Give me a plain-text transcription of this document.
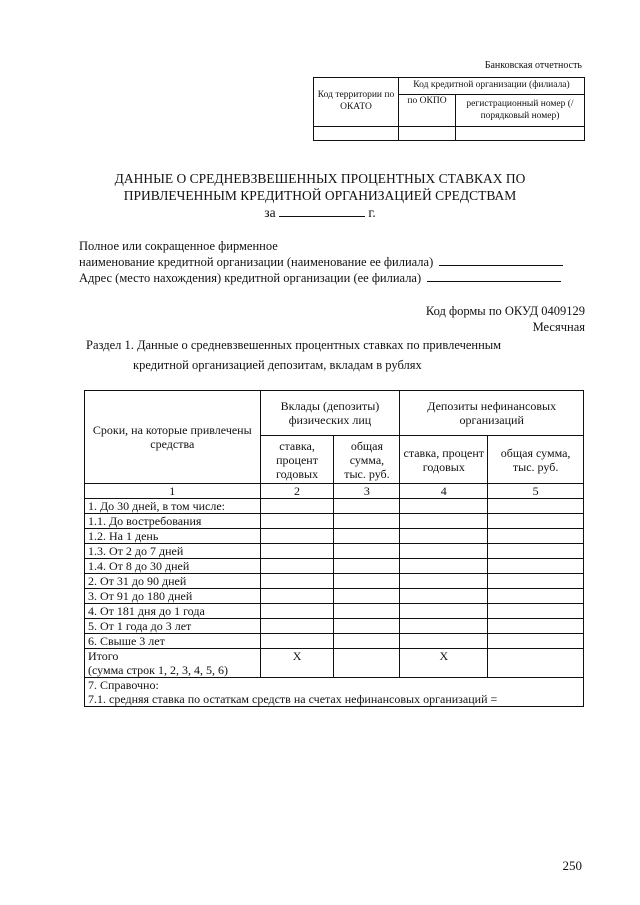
Банковская отчетность
Код территории по ОКАТО	Код кредитной организации (филиала)	
	по ОКПО	регистрационный номер (/порядковый номер)

ДАННЫЕ О СРЕДНЕВЗВЕШЕННЫХ ПРОЦЕНТНЫХ СТАВКАХ ПО
ПРИВЛЕЧЕННЫМ КРЕДИТНОЙ ОРГАНИЗАЦИЕЙ СРЕДСТВАМ
за	г.
Полное или сокращенное фирменное
наименование кредитной организации (наименование ее филиала)
Адрес (место нахождения) кредитной организации (ее филиала)
Код формы по ОКУД 0409129
Месячная
Раздел 1. Данные о средневзвешенных процентных ставках по привлеченным
кредитной организацией депозитам, вкладам в рублях
Сроки, на которые привлечены средства	Вклады (депозиты) физических лиц		Депозиты нефинансовых организаций	
	ставка, процент годовых	общая сумма, тыс. руб.	ставка, процент годовых	общая сумма, тыс. руб.
1	2	3	4	5
1. До 30 дней, в том числе:				
1.1. До востребования				
1.2. На 1 день				
1.3. От 2 до 7 дней				
1.4. От 8 до 30 дней				
2. От 31 до 90 дней				
3. От 91 до 180 дней				
4. От 181 дня до 1 года				
5. От 1 года до 3 лет				
6. Свыше 3 лет				

Итого
(сумма строк 1, 2, 3, 4, 5, 6)	X		X	

7. Справочно:
7.1. средняя ставка по остаткам средств на счетах нефинансовых организаций =				
250
